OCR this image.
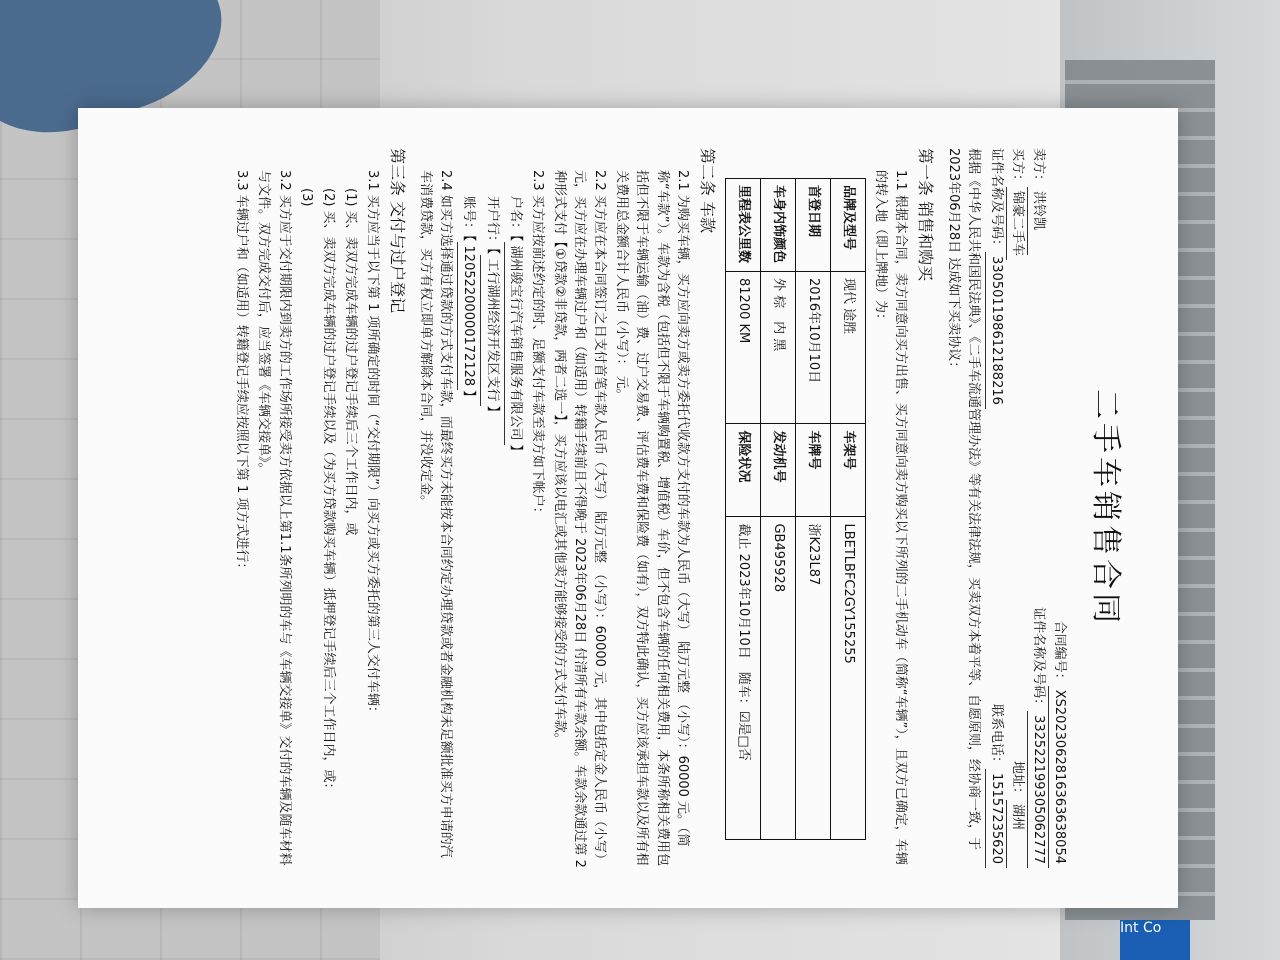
Int Co
二手车销售合同
合同编号：XS20230628163636380​54
卖方：洪铃凯
证件名称及号码：332522199305062777
买方：锦豪二手车
地址：湖州
证件名称及号码：330501198612188216
联系电话：15157235620

根据《中华人民共和国民法典》、《二手车流通管理办法》等有关法律法规，买卖双方本着平等、自愿原则，经协商一致，于 2023年06月28日 达成如下买卖协议：

第一条 销售和购买

1.1 根据本合同，卖方同意向买方出售、买方同意向卖方购买以下所列的二手机动车（简称“车辆”），且双方已确定，车辆的转入地（即上牌地）为：

品牌及型号	现代 途胜	车架号	LBETLBFC2GY155255
首登日期	2016年10月10日	车牌号	浙K23L87
车身内饰颜色	外 棕　内 黑	发动机号	GB495928
里程表公里数	81200 KM	保险状况	截止 2023年10月10日　随车：☑是□否
第二条 车款

2.1 为购买车辆，买方应向卖方或卖方委托代收款方支付的车款为人民币（大写） 陆万元整 （小写）：60000 元。（简称“车款”）。车款为含税（包括但不限于车辆购置税、增值税）车价，但不包含车辆的任何相关费用，本条所称相关费用包括但不限于车辆运输（油）费、过户交易费、评估费车费和保险费（如有），双方特此确认，买方应该承担车款以及所有相关费用总金额合计人民币（小写）： 元。

2.2 买方应在本合同签订之日支付首笔车款人民币（大写） 陆万元整 （小写）：60000 元，其中包括定金人民币（小写） 元，买方应在办理车辆过户和（如适用）转籍手续前且不得晚于 2023年06月28日 付清所有车款余额。车款余款通过第 2 种形式支付【①贷款②非贷款，两者二选一】，买方应该以电汇或其他卖方能够接受的方式支付车款。

2.3 买方应按前述约定的时、足额支付车款至卖方如下帐户：

户名：【湖州骏宝行汽车销售服务有限公司】

开户行：【工行湖州经济开发区支行】

账号：【1205220000017212​8】

2.4 如买方选择通过贷款的方式支付车款，而最终买方未能按本合同约定办理贷款或者金融机构未足额批准买方申请的汽车消费贷款，买方有权立即单方解除本合同，并没收定金。

第三条 交付与过户登记

3.1 买方应当于以下第 1 项所确定的时间（“交付期限”）向买方或买方委托的第三人交付车辆：

(1) 买、卖双方完成车辆的过户登记手续后三个工作日内，或

(2) 买、卖双方完成车辆的过户登记手续以及（为买方贷款购买车辆）抵押登记手续后三个工作日内，或：

(3)

3.2 买方应于交付期限内到卖方的工作场所接受卖方依据以上第1.1条所列明的车与《车辆交接单》交付的车辆及随车材料与文件。双方完成交付后，应当签署《车辆交接单》。

3.3 车辆过户和（如适用）转籍登记手续应按照以下第 1 项方式进行：
